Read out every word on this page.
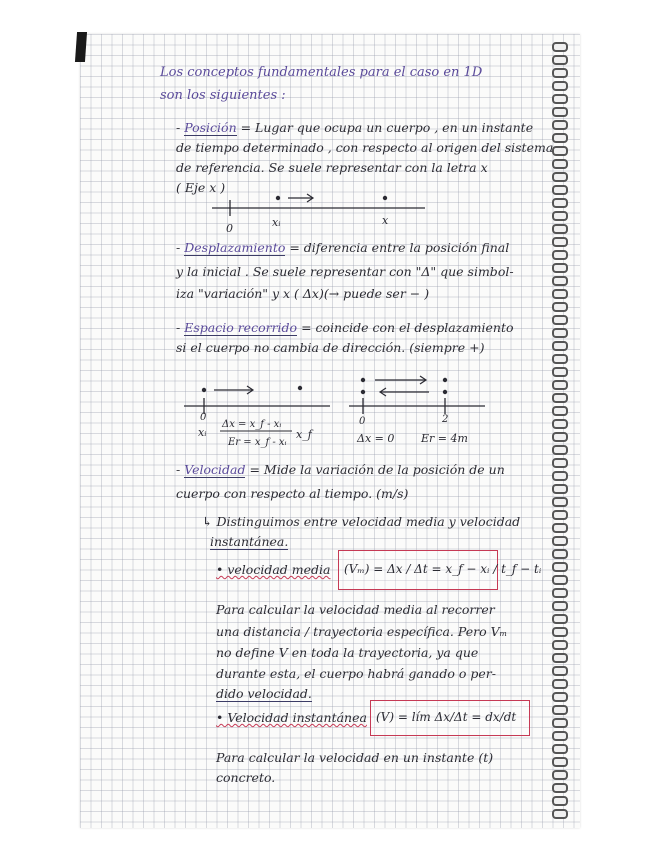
Los conceptos fundamentales para el caso en 1D
son los siguientes :
- Posición = Lugar que ocupa un cuerpo , en un instante
de tiempo determinado , con respecto al origen del sistema
de referencia. Se suele representar con la letra x
( Eje x )
0	xᵢ	x
- Desplazamiento = diferencia entre la posición final
y la inicial . Se suele representar con "Δ" que simbol-
iza "variación" y x ( Δx)(→ puede ser − )
- Espacio recorrido = coincide con el desplazamiento
si el cuerpo no cambia de dirección. (siempre +)
0
xᵢ
Δx = x_f - xᵢ
Er = x_f - xᵢ
x_f
0	2
Δx = 0 Er = 4m
- Velocidad = Mide la variación de la posición de un
cuerpo con respecto al tiempo. (m/s)
↳ Distinguimos entre velocidad media y velocidad
instantánea.
• velocidad media (Vₘ) = Δx / Δt = x_f − xᵢ / t_f − tᵢ
Para calcular la velocidad media al recorrer
una distancia / trayectoria específica. Pero Vₘ
no define V en toda la trayectoria, ya que
durante esta, el cuerpo habrá ganado o per-
dido velocidad.
• Velocidad instantánea (V) = lím Δx/Δt = dx/dt
Para calcular la velocidad en un instante (t)
concreto.
